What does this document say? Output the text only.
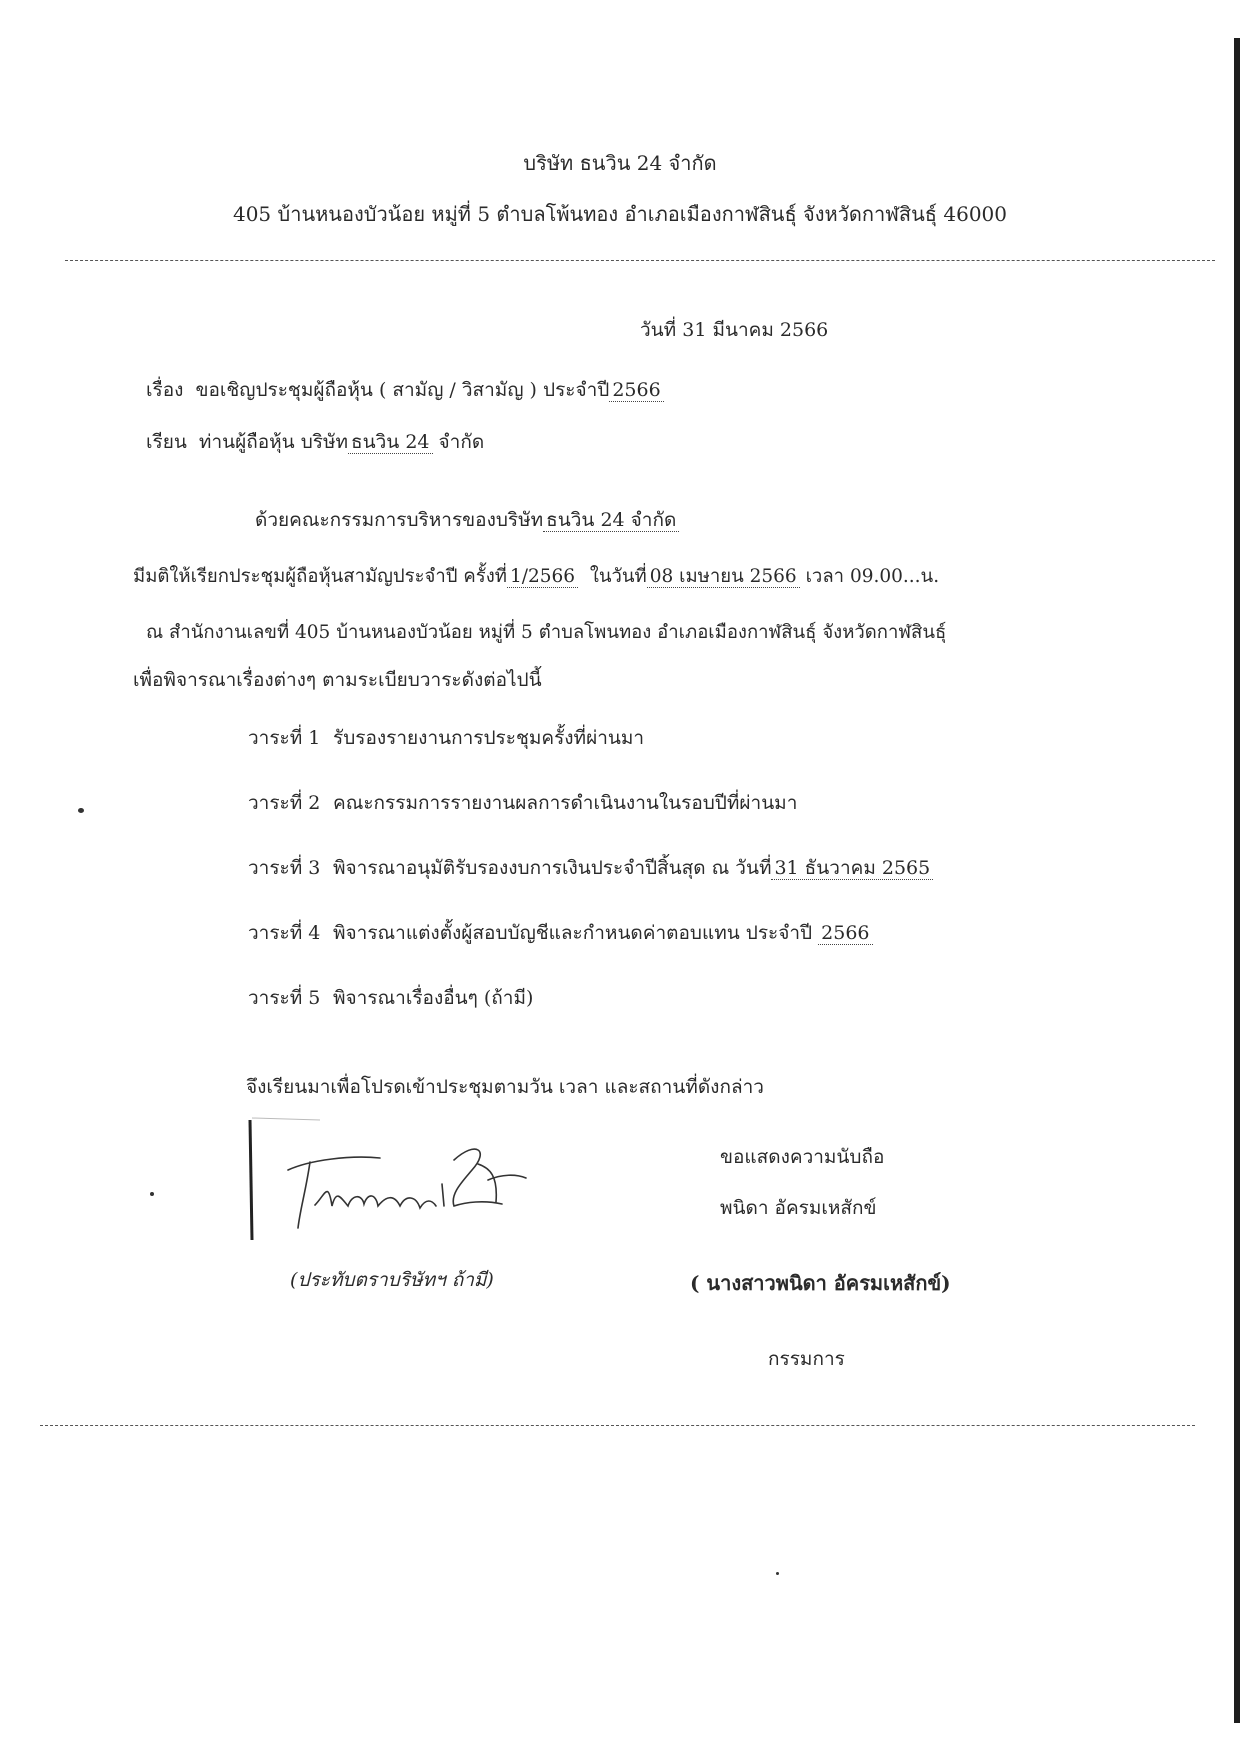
บริษัท ธนวิน 24 จำกัด
405 บ้านหนองบัวน้อย หมู่ที่ 5 ตำบลโพ้นทอง อำเภอเมืองกาฬสินธุ์ จังหวัดกาฬสินธุ์ 46000
วันที่ 31 มีนาคม 2566
เรื่อง ขอเชิญประชุมผู้ถือหุ้น ( สามัญ / วิสามัญ ) ประจำปี 2566
เรียน ท่านผู้ถือหุ้น บริษัท ธนวิน 24 จำกัด
ด้วยคณะกรรมการบริหารของบริษัท ธนวิน 24 จำกัด
มีมติให้เรียกประชุมผู้ถือหุ้นสามัญประจำปี ครั้งที่ 1/2566 ในวันที่ 08 เมษายน 2566 เวลา 09.00...น.
ณ สำนักงานเลขที่ 405 บ้านหนองบัวน้อย หมู่ที่ 5 ตำบลโพนทอง อำเภอเมืองกาฬสินธุ์ จังหวัดกาฬสินธุ์
เพื่อพิจารณาเรื่องต่างๆ ตามระเบียบวาระดังต่อไปนี้
วาระที่ 1 รับรองรายงานการประชุมครั้งที่ผ่านมา
วาระที่ 2 คณะกรรมการรายงานผลการดำเนินงานในรอบปีที่ผ่านมา
วาระที่ 3 พิจารณาอนุมัติรับรองงบการเงินประจำปีสิ้นสุด ณ วันที่ 31 ธันวาคม 2565
วาระที่ 4 พิจารณาแต่งตั้งผู้สอบบัญชีและกำหนดค่าตอบแทน ประจำปี 2566
วาระที่ 5 พิจารณาเรื่องอื่นๆ (ถ้ามี)
จึงเรียนมาเพื่อโปรดเข้าประชุมตามวัน เวลา และสถานที่ดังกล่าว
ขอแสดงความนับถือ
พนิดา อัครมเหสักข์
(ประทับตราบริษัทฯ ถ้ามี)	( นางสาวพนิดา อัครมเหสักข์)
กรรมการ
